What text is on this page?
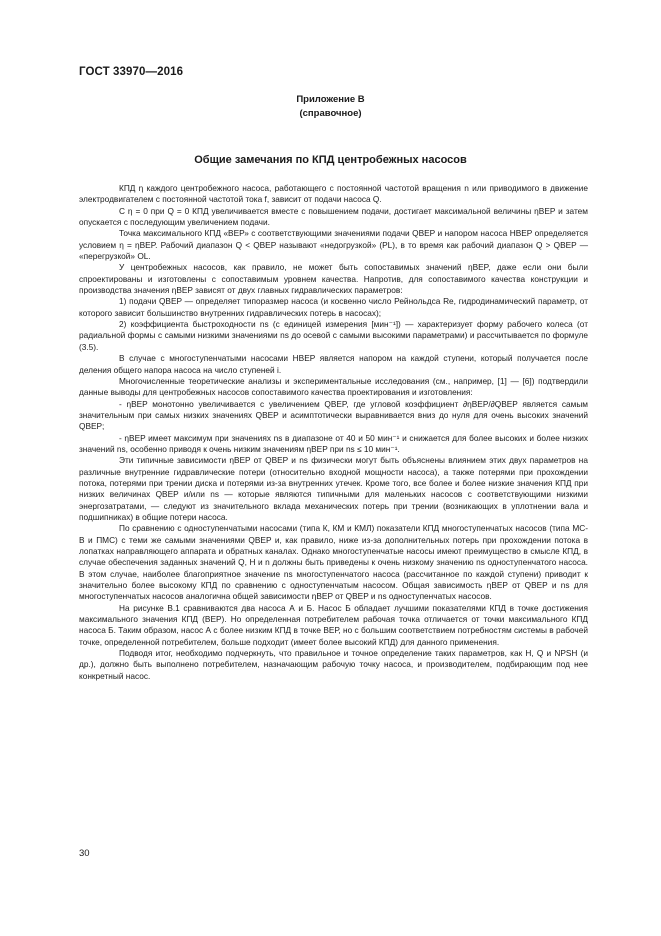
ГОСТ 33970—2016
Приложение В
(справочное)
Общие замечания по КПД центробежных насосов

КПД η каждого центробежного насоса, работающего с постоянной частотой вращения n или приводимого в движение электродвигателем с постоянной частотой тока f, зависит от подачи насоса Q.

С η = 0 при Q = 0 КПД увеличивается вместе с повышением подачи, достигает максимальной величины ηBEP и затем опускается с последующим увеличением подачи.

Точка максимального КПД «ВЕР» с соответствующими значениями подачи QBEP и напором насоса HBEP определяется условием η = ηBEP. Рабочий диапазон Q < QBEP называют «недогрузкой» (PL), в то время как рабочий диапазон Q > QBEP — «перегрузкой» OL.

У центробежных насосов, как правило, не может быть сопоставимых значений ηBEP, даже если они были спроектированы и изготовлены с сопоставимым уровнем качества. Напротив, для сопоставимого качества конструкции и производства значения ηBEP зависят от двух главных гидравлических параметров:

1) подачи QBEP — определяет типоразмер насоса (и косвенно число Рейнольдса Re, гидродинамический параметр, от которого зависит большинство внутренних гидравлических потерь в насосах);

2) коэффициента быстроходности ns (с единицей измерения [мин⁻¹]) — характеризует форму рабочего колеса (от радиальной формы с самыми низкими значениями ns до осевой с самыми высокими параметрами) и рассчитывается по формуле (3.5).

В случае с многоступенчатыми насосами HBEP является напором на каждой ступени, который получается после деления общего напора насоса на число ступеней i.

Многочисленные теоретические анализы и экспериментальные исследования (см., например, [1] — [6]) подтвердили данные выводы для центробежных насосов сопоставимого качества проектирования и изготовления:

- ηBEP монотонно увеличивается с увеличением QBEP, где угловой коэффициент ∂ηBEP/∂QBEP является самым значительным при самых низких значениях QBEP и асимптотически выравнивается вниз до нуля для очень высоких значений QBEP;

- ηBEP имеет максимум при значениях ns в диапазоне от 40 и 50 мин⁻¹ и снижается для более высоких и более низких значений ns, особенно приводя к очень низким значениям ηBEP при ns ≤ 10 мин⁻¹.

Эти типичные зависимости ηBEP от QBEP и ns физически могут быть объяснены влиянием этих двух параметров на различные внутренние гидравлические потери (относительно входной мощности насоса), а также потерями при прохождении потока, потерями при трении диска и потерями из-за внутренних утечек. Кроме того, все более и более низкие значения КПД при низких величинах QBEP и/или ns — которые являются типичными для маленьких насосов с соответствующими низкими энергозатратами, — следуют из значительного вклада механических потерь при трении (возникающих в уплотнении вала и подшипниках) в общие потери насоса.

По сравнению с одноступенчатыми насосами (типа К, КМ и КМЛ) показатели КПД многоступенчатых насосов (типа МС-В и ПМС) с теми же самыми значениями QBEP и, как правило, ниже из-за дополнительных потерь при прохождении потока в лопатках направляющего аппарата и обратных каналах. Однако многоступенчатые насосы имеют преимущество в смысле КПД, в случае обеспечения заданных значений Q, H и n должны быть приведены к очень низкому значению ns одноступенчатого насоса. В этом случае, наиболее благоприятное значение ns многоступенчатого насоса (рассчитанное по каждой ступени) приводит к значительно более высокому КПД по сравнению с одноступенчатым насосом. Общая зависимость ηBEP от QBEP и ns для многоступенчатых насосов аналогична общей зависимости ηBEP от QBEP и ns одноступенчатых насосов.

На рисунке В.1 сравниваются два насоса А и Б. Насос Б обладает лучшими показателями КПД в точке достижения максимального значения КПД (ВЕР). Но определенная потребителем рабочая точка отличается от точки максимального КПД насоса Б. Таким образом, насос А с более низким КПД в точке ВЕР, но с большим соответствием потребностям системы в рабочей точке, определенной потребителем, больше подходит (имеет более высокий КПД) для данного применения.

Подводя итог, необходимо подчеркнуть, что правильное и точное определение таких параметров, как H, Q и NPSH (и др.), должно быть выполнено потребителем, назначающим рабочую точку насоса, и производителем, подбирающим под нее конкретный насос.

30
